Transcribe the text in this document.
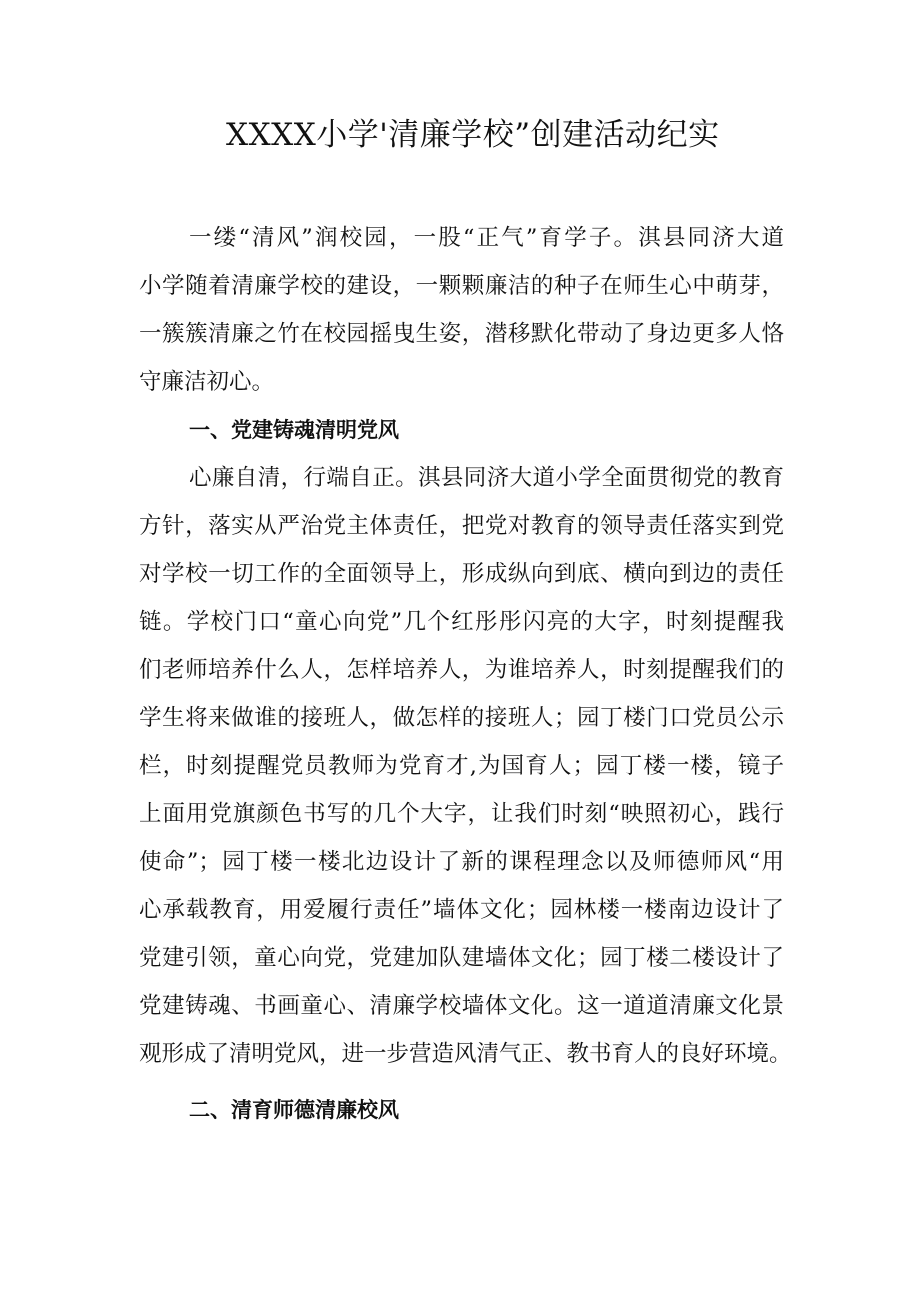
XXXX小学'清廉学校”创建活动纪实
一缕“清风”润校园，一股“正气”育学子。淇县同济大道
小学随着清廉学校的建设，一颗颗廉洁的种子在师生心中萌芽，
一簇簇清廉之竹在校园摇曳生姿，潜移默化带动了身边更多人恪
守廉洁初心。
一、党建铸魂清明党风
心廉自清，行端自正。淇县同济大道小学全面贯彻党的教育
方针，落实从严治党主体责任，把党对教育的领导责任落实到党
对学校一切工作的全面领导上，形成纵向到底、横向到边的责任
链。学校门口“童心向党”几个红彤彤闪亮的大字，时刻提醒我
们老师培养什么人，怎样培养人，为谁培养人，时刻提醒我们的
学生将来做谁的接班人，做怎样的接班人；园丁楼门口党员公示
栏，时刻提醒党员教师为党育才,为国育人；园丁楼一楼，镜子
上面用党旗颜色书写的几个大字，让我们时刻“映照初心，践行
使命”；园丁楼一楼北边设计了新的课程理念以及师德师风“用
心承载教育，用爱履行责任”墙体文化；园林楼一楼南边设计了
党建引领，童心向党，党建加队建墙体文化；园丁楼二楼设计了
党建铸魂、书画童心、清廉学校墙体文化。这一道道清廉文化景
观形成了清明党风，进一步营造风清气正、教书育人的良好环境。
二、清育师德清廉校风
